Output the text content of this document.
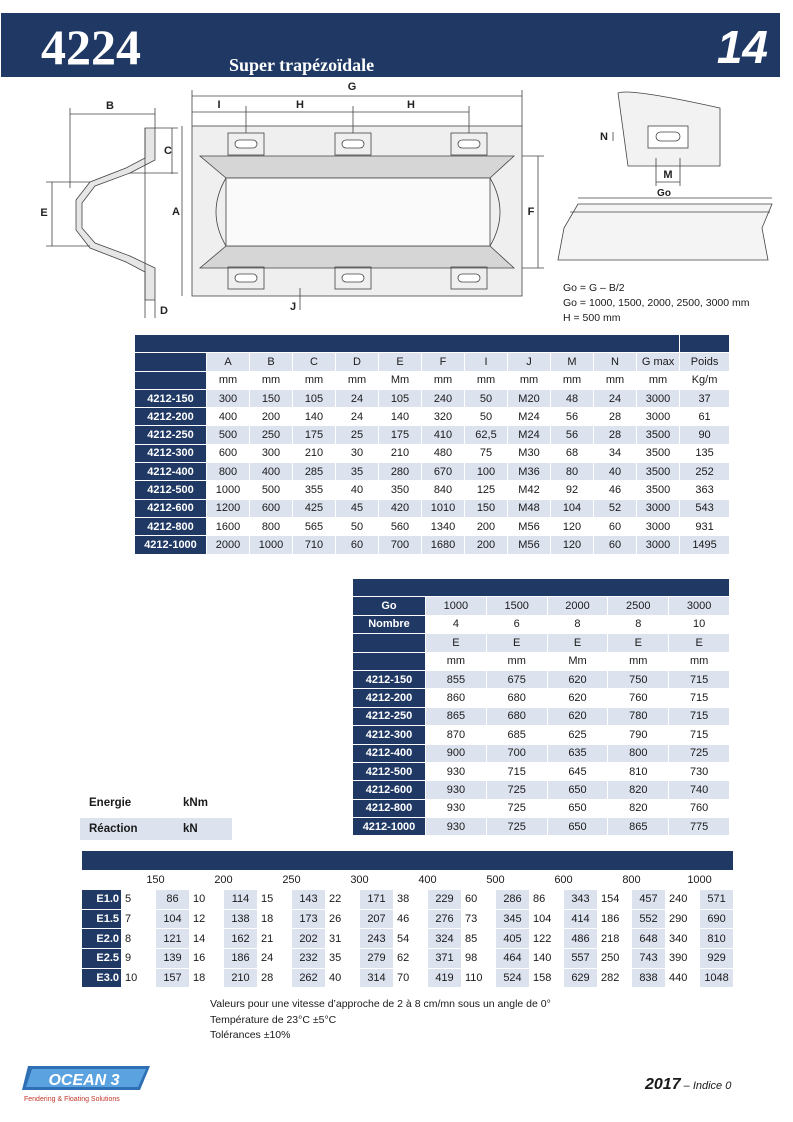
4224	Super trapézoïdale	14
G
I	H	H
B
C
A
E	F
D	J
N
M
Go
Go = G – B/2
Go = 1000, 1500, 2000, 2500, 3000 mm
H = 500 mm

	A	B	C	D	E	F	I	J	M	N	G max	Poids
	mm	mm	mm	mm	Mm	mm	mm	mm	mm	mm	mm	Kg/m
4212-150	300	150	105	24	105	240	50	M20	48	24	3000	37
4212-200	400	200	140	24	140	320	50	M24	56	28	3000	61
4212-250	500	250	175	25	175	410	62,5	M24	56	28	3500	90
4212-300	600	300	210	30	210	480	75	M30	68	34	3500	135
4212-400	800	400	285	35	280	670	100	M36	80	40	3500	252
4212-500	1000	500	355	40	350	840	125	M42	92	46	3500	363
4212-600	1200	600	425	45	420	1010	150	M48	104	52	3000	543
4212-800	1600	800	565	50	560	1340	200	M56	120	60	3000	931
4212-1000	2000	1000	710	60	700	1680	200	M56	120	60	3000	1495

Go	1000	1500	2000	2500	3000
Nombre	4	6	8	8	10
	E	E	E	E	E
	mm	mm	Mm	mm	mm
4212-150	855	675	620	750	715
4212-200	860	680	620	760	715
4212-250	865	680	620	780	715
4212-300	870	685	625	790	715
4212-400	900	700	635	800	725
4212-500	930	715	645	810	730
4212-600	930	725	650	820	740
4212-800	930	725	650	820	760
4212-1000	930	725	650	865	775
Energie	kNm
Réaction	kN

	150		200		250		300		400		500		600		800		1000	
E1.0	5	86	10	114	15	143	22	171	38	229	60	286	86	343	154	457	240	571
E1.5	7	104	12	138	18	173	26	207	46	276	73	345	104	414	186	552	290	690
E2.0	8	121	14	162	21	202	31	243	54	324	85	405	122	486	218	648	340	810
E2.5	9	139	16	186	24	232	35	279	62	371	98	464	140	557	250	743	390	929
E3.0	10	157	18	210	28	262	40	314	70	419	110	524	158	629	282	838	440	1048
Valeurs pour une vitesse d’approche de 2 à 8 cm/mn sous un angle de 0°
Température de 23°C ±5°C
Tolérances ±10%
OCEAN 3
Fendering & Floating Solutions
2017 – Indice 0
